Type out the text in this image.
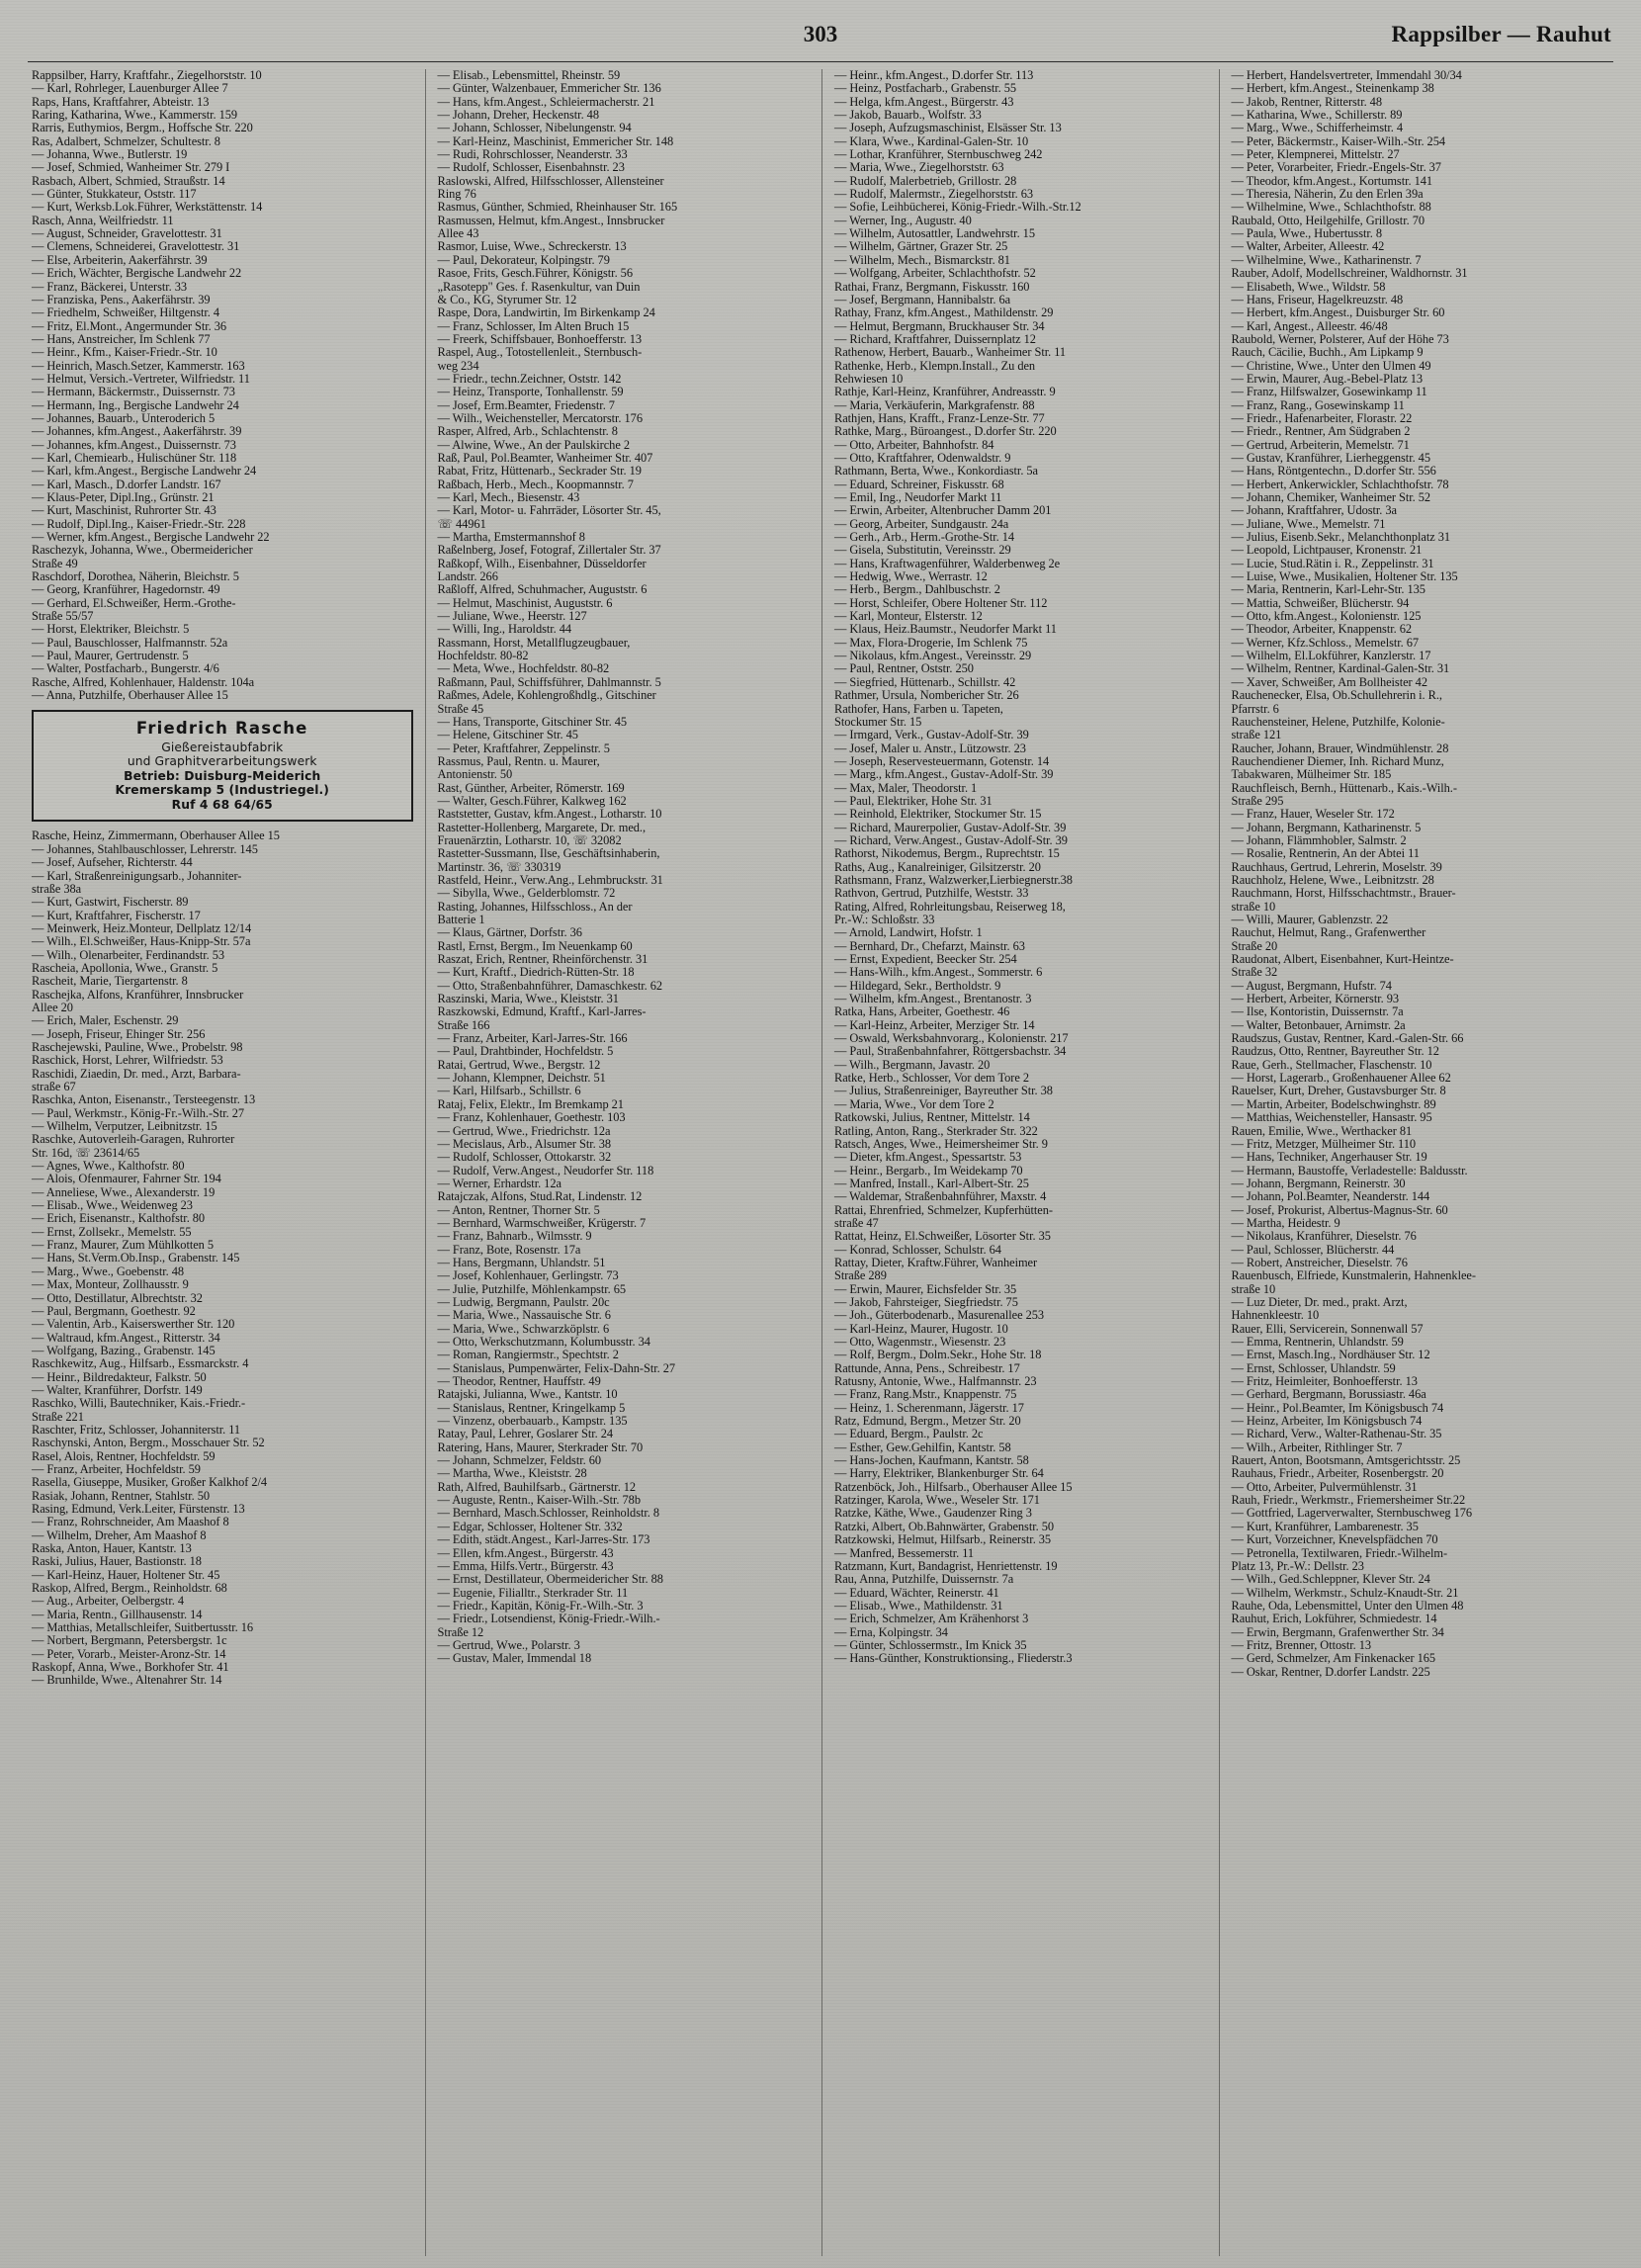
303	Rappsilber — Rauhut
Rappsilber, Harry, Kraftfahr., Ziegelhorststr. 10
— Karl, Rohrleger, Lauenburger Allee 7
Raps, Hans, Kraftfahrer, Abteistr. 13
Raring, Katharina, Wwe., Kammerstr. 159
Rarris, Euthymios, Bergm., Hoffsche Str. 220
Ras, Adalbert, Schmelzer, Schultestr. 8
— Johanna, Wwe., Butlerstr. 19
— Josef, Schmied, Wanheimer Str. 279 I
Rasbach, Albert, Schmied, Straußstr. 14
— Günter, Stukkateur, Oststr. 117
— Kurt, Werksb.Lok.Führer, Werkstättenstr. 14
Rasch, Anna, Weilfriedstr. 11
— August, Schneider, Gravelottestr. 31
— Clemens, Schneiderei, Gravelottestr. 31
— Else, Arbeiterin, Aakerfährstr. 39
— Erich, Wächter, Bergische Landwehr 22
— Franz, Bäckerei, Unterstr. 33
— Franziska, Pens., Aakerfährstr. 39
— Friedhelm, Schweißer, Hiltgenstr. 4
— Fritz, El.Mont., Angermunder Str. 36
— Hans, Anstreicher, Im Schlenk 77
— Heinr., Kfm., Kaiser-Friedr.-Str. 10
— Heinrich, Masch.Setzer, Kammerstr. 163
— Helmut, Versich.-Vertreter, Wilfriedstr. 11
— Hermann, Bäckermstr., Duissernstr. 73
— Hermann, Ing., Bergische Landwehr 24
— Johannes, Bauarb., Unteroderich 5
— Johannes, kfm.Angest., Aakerfährstr. 39
— Johannes, kfm.Angest., Duissernstr. 73
— Karl, Chemiearb., Hulischüner Str. 118
— Karl, kfm.Angest., Bergische Landwehr 24
— Karl, Masch., D.dorfer Landstr. 167
— Klaus-Peter, Dipl.Ing., Grünstr. 21
— Kurt, Maschinist, Ruhrorter Str. 43
— Rudolf, Dipl.Ing., Kaiser-Friedr.-Str. 228
— Werner, kfm.Angest., Bergische Landwehr 22
Raschezyk, Johanna, Wwe., Obermeidericher
Straße 49
Raschdorf, Dorothea, Näherin, Bleichstr. 5
— Georg, Kranführer, Hagedornstr. 49
— Gerhard, El.Schweißer, Herm.-Grothe-
Straße 55/57
— Horst, Elektriker, Bleichstr. 5
— Paul, Bauschlosser, Halfmannstr. 52a
— Paul, Maurer, Gertrudenstr. 5
— Walter, Postfacharb., Bungerstr. 4/6
Rasche, Alfred, Kohlenhauer, Haldenstr. 104a
— Anna, Putzhilfe, Oberhauser Allee 15
Friedrich Rasche
Gießereistaubfabrik
und Graphitverarbeitungswerk
Betrieb: Duisburg-Meiderich
Kremerskamp 5 (Industriegel.)
Ruf 4 68 64/65
Rasche, Heinz, Zimmermann, Oberhauser Allee 15
— Johannes, Stahlbauschlosser, Lehrerstr. 145
— Josef, Aufseher, Richterstr. 44
— Karl, Straßenreinigungsarb., Johanniter-
straße 38a
— Kurt, Gastwirt, Fischerstr. 89
— Kurt, Kraftfahrer, Fischerstr. 17
— Meinwerk, Heiz.Monteur, Dellplatz 12/14
— Wilh., El.Schweißer, Haus-Knipp-Str. 57a
— Wilh., Olenarbeiter, Ferdinandstr. 53
Rascheia, Apollonia, Wwe., Granstr. 5
Rascheit, Marie, Tiergartenstr. 8
Raschejka, Alfons, Kranführer, Innsbrucker
Allee 20
— Erich, Maler, Eschenstr. 29
— Joseph, Friseur, Ehinger Str. 256
Raschejewski, Pauline, Wwe., Probelstr. 98
Raschick, Horst, Lehrer, Wilfriedstr. 53
Raschidi, Ziaedin, Dr. med., Arzt, Barbara-
straße 67
Raschka, Anton, Eisenanstr., Tersteegenstr. 13
— Paul, Werkmstr., König-Fr.-Wilh.-Str. 27
— Wilhelm, Verputzer, Leibnitzstr. 15
Raschke, Autoverleih-Garagen, Ruhrorter
Str. 16d, ☏ 23614/65
— Agnes, Wwe., Kalthofstr. 80
— Alois, Ofenmaurer, Fahrner Str. 194
— Anneliese, Wwe., Alexanderstr. 19
— Elisab., Wwe., Weidenweg 23
— Erich, Eisenanstr., Kalthofstr. 80
— Ernst, Zollsekr., Memelstr. 55
— Franz, Maurer, Zum Mühlkotten 5
— Hans, St.Verm.Ob.Insp., Grabenstr. 145
— Marg., Wwe., Goebenstr. 48
— Max, Monteur, Zollhausstr. 9
— Otto, Destillatur, Albrechtstr. 32
— Paul, Bergmann, Goethestr. 92
— Valentin, Arb., Kaiserswerther Str. 120
— Waltraud, kfm.Angest., Ritterstr. 34
— Wolfgang, Bazing., Grabenstr. 145
Raschkewitz, Aug., Hilfsarb., Essmarckstr. 4
— Heinr., Bildredakteur, Falkstr. 50
— Walter, Kranführer, Dorfstr. 149
Raschko, Willi, Bautechniker, Kais.-Friedr.-
Straße 221
Raschter, Fritz, Schlosser, Johanniterstr. 11
Raschynski, Anton, Bergm., Mosschauer Str. 52
Rasel, Alois, Rentner, Hochfeldstr. 59
— Franz, Arbeiter, Hochfeldstr. 59
Rasella, Giuseppe, Musiker, Großer Kalkhof 2/4
Rasiak, Johann, Rentner, Stahlstr. 50
Rasing, Edmund, Verk.Leiter, Fürstenstr. 13
— Franz, Rohrschneider, Am Maashof 8
— Wilhelm, Dreher, Am Maashof 8
Raska, Anton, Hauer, Kantstr. 13
Raski, Julius, Hauer, Bastionstr. 18
— Karl-Heinz, Hauer, Holtener Str. 45
Raskop, Alfred, Bergm., Reinholdstr. 68
— Aug., Arbeiter, Oelbergstr. 4
— Maria, Rentn., Gillhausenstr. 14
— Matthias, Metallschleifer, Suitbertusstr. 16
— Norbert, Bergmann, Petersbergstr. 1c
— Peter, Vorarb., Meister-Aronz-Str. 14
Raskopf, Anna, Wwe., Borkhofer Str. 41
— Brunhilde, Wwe., Altenahrer Str. 14
— Elisab., Lebensmittel, Rheinstr. 59
— Günter, Walzenbauer, Emmericher Str. 136
— Hans, kfm.Angest., Schleiermacherstr. 21
— Johann, Dreher, Heckenstr. 48
— Johann, Schlosser, Nibelungenstr. 94
— Karl-Heinz, Maschinist, Emmericher Str. 148
— Rudi, Rohrschlosser, Neanderstr. 33
— Rudolf, Schlosser, Eisenbahnstr. 23
Raslowski, Alfred, Hilfsschlosser, Allensteiner
Ring 76
Rasmus, Günther, Schmied, Rheinhauser Str. 165
Rasmussen, Helmut, kfm.Angest., Innsbrucker
Allee 43
Rasmor, Luise, Wwe., Schreckerstr. 13
— Paul, Dekorateur, Kolpingstr. 79
Rasoe, Frits, Gesch.Führer, Königstr. 56
„Rasotepp" Ges. f. Rasenkultur, van Duin
& Co., KG, Styrumer Str. 12
Raspe, Dora, Landwirtin, Im Birkenkamp 24
— Franz, Schlosser, Im Alten Bruch 15
— Freerk, Schiffsbauer, Bonhoefferstr. 13
Raspel, Aug., Totostellenleit., Sternbusch-
weg 234
— Friedr., techn.Zeichner, Oststr. 142
— Heinz, Transporte, Tonhallenstr. 59
— Josef, Erm.Beamter, Friedenstr. 7
— Wilh., Weichensteller, Mercatorstr. 176
Rasper, Alfred, Arb., Schlachtenstr. 8
— Alwine, Wwe., An der Paulskirche 2
Raß, Paul, Pol.Beamter, Wanheimer Str. 407
Rabat, Fritz, Hüttenarb., Seckrader Str. 19
Raßbach, Herb., Mech., Koopmannstr. 7
— Karl, Mech., Biesenstr. 43
— Karl, Motor- u. Fahrräder, Lösorter Str. 45,
☏ 44961
— Martha, Emstermannshof 8
Raßelnberg, Josef, Fotograf, Zillertaler Str. 37
Raßkopf, Wilh., Eisenbahner, Düsseldorfer
Landstr. 266
Raßloff, Alfred, Schuhmacher, Auguststr. 6
— Helmut, Maschinist, Auguststr. 6
— Juliane, Wwe., Heerstr. 127
— Willi, Ing., Haroldstr. 44
Rassmann, Horst, Metallflugzeugbauer,
Hochfeldstr. 80-82
— Meta, Wwe., Hochfeldstr. 80-82
Raßmann, Paul, Schiffsführer, Dahlmannstr. 5
Raßmes, Adele, Kohlengroßhdlg., Gitschiner
Straße 45
— Hans, Transporte, Gitschiner Str. 45
— Helene, Gitschiner Str. 45
— Peter, Kraftfahrer, Zeppelinstr. 5
Rassmus, Paul, Rentn. u. Maurer,
Antonienstr. 50
Rast, Günther, Arbeiter, Römerstr. 169
— Walter, Gesch.Führer, Kalkweg 162
Raststetter, Gustav, kfm.Angest., Lotharstr. 10
Rastetter-Hollenberg, Margarete, Dr. med.,
Frauenärztin, Lotharstr. 10, ☏ 32082
Rastetter-Sussmann, Ilse, Geschäftsinhaberin,
Martinstr. 36, ☏ 330319
Rastfeld, Heinr., Verw.Ang., Lehmbruckstr. 31
— Sibylla, Wwe., Gelderblomstr. 72
Rasting, Johannes, Hilfsschloss., An der
Batterie 1
— Klaus, Gärtner, Dorfstr. 36
Rastl, Ernst, Bergm., Im Neuenkamp 60
Raszat, Erich, Rentner, Rheinförchenstr. 31
— Kurt, Kraftf., Diedrich-Rütten-Str. 18
— Otto, Straßenbahnführer, Damaschkestr. 62
Raszinski, Maria, Wwe., Kleiststr. 31
Raszkowski, Edmund, Kraftf., Karl-Jarres-
Straße 166
— Franz, Arbeiter, Karl-Jarres-Str. 166
— Paul, Drahtbinder, Hochfeldstr. 5
Ratai, Gertrud, Wwe., Bergstr. 12
— Johann, Klempner, Deichstr. 51
— Karl, Hilfsarb., Schillstr. 6
Rataj, Felix, Elektr., Im Bremkamp 21
— Franz, Kohlenhauer, Goethestr. 103
— Gertrud, Wwe., Friedrichstr. 12a
— Mecislaus, Arb., Alsumer Str. 38
— Rudolf, Schlosser, Ottokarstr. 32
— Rudolf, Verw.Angest., Neudorfer Str. 118
— Werner, Erhardstr. 12a
Ratajczak, Alfons, Stud.Rat, Lindenstr. 12
— Anton, Rentner, Thorner Str. 5
— Bernhard, Warmschweißer, Krügerstr. 7
— Franz, Bahnarb., Wilmsstr. 9
— Franz, Bote, Rosenstr. 17a
— Hans, Bergmann, Uhlandstr. 51
— Josef, Kohlenhauer, Gerlingstr. 73
— Julie, Putzhilfe, Möhlenkampstr. 65
— Ludwig, Bergmann, Paulstr. 20c
— Maria, Wwe., Nassauische Str. 6
— Maria, Wwe., Schwarzköplstr. 6
— Otto, Werkschutzmann, Kolumbusstr. 34
— Roman, Rangiermstr., Spechtstr. 2
— Stanislaus, Pumpenwärter, Felix-Dahn-Str. 27
— Theodor, Rentner, Hauffstr. 49
Ratajski, Julianna, Wwe., Kantstr. 10
— Stanislaus, Rentner, Kringelkamp 5
— Vinzenz, oberbauarb., Kampstr. 135
Ratay, Paul, Lehrer, Goslarer Str. 24
Ratering, Hans, Maurer, Sterkrader Str. 70
— Johann, Schmelzer, Feldstr. 60
— Martha, Wwe., Kleiststr. 28
Rath, Alfred, Bauhilfsarb., Gärtnerstr. 12
— Auguste, Rentn., Kaiser-Wilh.-Str. 78b
— Bernhard, Masch.Schlosser, Reinholdstr. 8
— Edgar, Schlosser, Holtener Str. 332
— Edith, städt.Angest., Karl-Jarres-Str. 173
— Ellen, kfm.Angest., Bürgerstr. 43
— Emma, Hilfs.Vertr., Bürgerstr. 43
— Ernst, Destillateur, Obermeidericher Str. 88
— Eugenie, Filialltr., Sterkrader Str. 11
— Friedr., Kapitän, König-Fr.-Wilh.-Str. 3
— Friedr., Lotsendienst, König-Friedr.-Wilh.-
Straße 12
— Gertrud, Wwe., Polarstr. 3
— Gustav, Maler, Immendal 18
— Heinr., kfm.Angest., D.dorfer Str. 113
— Heinz, Postfacharb., Grabenstr. 55
— Helga, kfm.Angest., Bürgerstr. 43
— Jakob, Bauarb., Wolfstr. 33
— Joseph, Aufzugsmaschinist, Elsässer Str. 13
— Klara, Wwe., Kardinal-Galen-Str. 10
— Lothar, Kranführer, Sternbuschweg 242
— Maria, Wwe., Ziegelhorststr. 63
— Rudolf, Malerbetrieb, Grillostr. 28
— Rudolf, Malermstr., Ziegelhorststr. 63
— Sofie, Leihbücherei, König-Friedr.-Wilh.-Str.12
— Werner, Ing., Augustr. 40
— Wilhelm, Autosattler, Landwehrstr. 15
— Wilhelm, Gärtner, Grazer Str. 25
— Wilhelm, Mech., Bismarckstr. 81
— Wolfgang, Arbeiter, Schlachthofstr. 52
Rathai, Franz, Bergmann, Fiskusstr. 160
— Josef, Bergmann, Hannibalstr. 6a
Rathay, Franz, kfm.Angest., Mathildenstr. 29
— Helmut, Bergmann, Bruckhauser Str. 34
— Richard, Kraftfahrer, Duissernplatz 12
Rathenow, Herbert, Bauarb., Wanheimer Str. 11
Rathenke, Herb., Klempn.Install., Zu den
Rehwiesen 10
Rathje, Karl-Heinz, Kranführer, Andreasstr. 9
— Maria, Verkäuferin, Markgrafenstr. 88
Rathjen, Hans, Krafft., Franz-Lenze-Str. 77
Rathke, Marg., Büroangest., D.dorfer Str. 220
— Otto, Arbeiter, Bahnhofstr. 84
— Otto, Kraftfahrer, Odenwaldstr. 9
Rathmann, Berta, Wwe., Konkordiastr. 5a
— Eduard, Schreiner, Fiskusstr. 68
— Emil, Ing., Neudorfer Markt 11
— Erwin, Arbeiter, Altenbrucher Damm 201
— Georg, Arbeiter, Sundgaustr. 24a
— Gerh., Arb., Herm.-Grothe-Str. 14
— Gisela, Substitutin, Vereinsstr. 29
— Hans, Kraftwagenführer, Walderbenweg 2e
— Hedwig, Wwe., Werrastr. 12
— Herb., Bergm., Dahlbuschstr. 2
— Horst, Schleifer, Obere Holtener Str. 112
— Karl, Monteur, Elsterstr. 12
— Klaus, Heiz.Baumstr., Neudorfer Markt 11
— Max, Flora-Drogerie, Im Schlenk 75
— Nikolaus, kfm.Angest., Vereinsstr. 29
— Paul, Rentner, Oststr. 250
— Siegfried, Hüttenarb., Schillstr. 42
Rathmer, Ursula, Nombericher Str. 26
Rathofer, Hans, Farben u. Tapeten,
Stockumer Str. 15
— Irmgard, Verk., Gustav-Adolf-Str. 39
— Josef, Maler u. Anstr., Lützowstr. 23
— Joseph, Reservesteuermann, Gotenstr. 14
— Marg., kfm.Angest., Gustav-Adolf-Str. 39
— Max, Maler, Theodorstr. 1
— Paul, Elektriker, Hohe Str. 31
— Reinhold, Elektriker, Stockumer Str. 15
— Richard, Maurerpolier, Gustav-Adolf-Str. 39
— Richard, Verw.Angest., Gustav-Adolf-Str. 39
Rathorst, Nikodemus, Bergm., Ruprechtstr. 15
Raths, Aug., Kanalreiniger, Gilsitzerstr. 20
Rathsmann, Franz, Walzwerker,Lierbiegnerstr.38
Rathvon, Gertrud, Putzhilfe, Weststr. 33
Rating, Alfred, Rohrleitungsbau, Reiserweg 18,
Pr.-W.: Schloßstr. 33
— Arnold, Landwirt, Hofstr. 1
— Bernhard, Dr., Chefarzt, Mainstr. 63
— Ernst, Expedient, Beecker Str. 254
— Hans-Wilh., kfm.Angest., Sommerstr. 6
— Hildegard, Sekr., Bertholdstr. 9
— Wilhelm, kfm.Angest., Brentanostr. 3
Ratka, Hans, Arbeiter, Goethestr. 46
— Karl-Heinz, Arbeiter, Merziger Str. 14
— Oswald, Werksbahnvorarg., Kolonienstr. 217
— Paul, Straßenbahnfahrer, Röttgersbachstr. 34
— Wilh., Bergmann, Javastr. 20
Ratke, Herb., Schlosser, Vor dem Tore 2
— Julius, Straßenreiniger, Bayreuther Str. 38
— Maria, Wwe., Vor dem Tore 2
Ratkowski, Julius, Rentner, Mittelstr. 14
Ratling, Anton, Rang., Sterkrader Str. 322
Ratsch, Anges, Wwe., Heimersheimer Str. 9
— Dieter, kfm.Angest., Spessartstr. 53
— Heinr., Bergarb., Im Weidekamp 70
— Manfred, Install., Karl-Albert-Str. 25
— Waldemar, Straßenbahnführer, Maxstr. 4
Rattai, Ehrenfried, Schmelzer, Kupferhütten-
straße 47
Rattat, Heinz, El.Schweißer, Lösorter Str. 35
— Konrad, Schlosser, Schulstr. 64
Rattay, Dieter, Kraftw.Führer, Wanheimer
Straße 289
— Erwin, Maurer, Eichsfelder Str. 35
— Jakob, Fahrsteiger, Siegfriedstr. 75
— Joh., Güterbodenarb., Masurenallee 253
— Karl-Heinz, Maurer, Hugostr. 10
— Otto, Wagenmstr., Wiesenstr. 23
— Rolf, Bergm., Dolm.Sekr., Hohe Str. 18
Rattunde, Anna, Pens., Schreibestr. 17
Ratusny, Antonie, Wwe., Halfmannstr. 23
— Franz, Rang.Mstr., Knappenstr. 75
— Heinz, 1. Scherenmann, Jägerstr. 17
Ratz, Edmund, Bergm., Metzer Str. 20
— Eduard, Bergm., Paulstr. 2c
— Esther, Gew.Gehilfin, Kantstr. 58
— Hans-Jochen, Kaufmann, Kantstr. 58
— Harry, Elektriker, Blankenburger Str. 64
Ratzenböck, Joh., Hilfsarb., Oberhauser Allee 15
Ratzinger, Karola, Wwe., Weseler Str. 171
Ratzke, Käthe, Wwe., Gaudenzer Ring 3
Ratzki, Albert, Ob.Bahnwärter, Grabenstr. 50
Ratzkowski, Helmut, Hilfsarb., Reinerstr. 35
— Manfred, Bessemerstr. 11
Ratzmann, Kurt, Bandagrist, Henriettenstr. 19
Rau, Anna, Putzhilfe, Duissernstr. 7a
— Eduard, Wächter, Reinerstr. 41
— Elisab., Wwe., Mathildenstr. 31
— Erich, Schmelzer, Am Krähenhorst 3
— Erna, Kolpingstr. 34
— Günter, Schlossermstr., Im Knick 35
— Hans-Günther, Konstruktionsing., Fliederstr.3
— Herbert, Handelsvertreter, Immendahl 30/34
— Herbert, kfm.Angest., Steinenkamp 38
— Jakob, Rentner, Ritterstr. 48
— Katharina, Wwe., Schillerstr. 89
— Marg., Wwe., Schifferheimstr. 4
— Peter, Bäckermstr., Kaiser-Wilh.-Str. 254
— Peter, Klempnerei, Mittelstr. 27
— Peter, Vorarbeiter, Friedr.-Engels-Str. 37
— Theodor, kfm.Angest., Kortumstr. 141
— Theresia, Näherin, Zu den Erlen 39a
— Wilhelmine, Wwe., Schlachthofstr. 88
Raubald, Otto, Heilgehilfe, Grillostr. 70
— Paula, Wwe., Hubertusstr. 8
— Walter, Arbeiter, Alleestr. 42
— Wilhelmine, Wwe., Katharinenstr. 7
Rauber, Adolf, Modellschreiner, Waldhornstr. 31
— Elisabeth, Wwe., Wildstr. 58
— Hans, Friseur, Hagelkreuzstr. 48
— Herbert, kfm.Angest., Duisburger Str. 60
— Karl, Angest., Alleestr. 46/48
Raubold, Werner, Polsterer, Auf der Höhe 73
Rauch, Cäcilie, Buchh., Am Lipkamp 9
— Christine, Wwe., Unter den Ulmen 49
— Erwin, Maurer, Aug.-Bebel-Platz 13
— Franz, Hilfswalzer, Gosewinkamp 11
— Franz, Rang., Gosewinskamp 11
— Friedr., Hafenarbeiter, Florastr. 22
— Friedr., Rentner, Am Südgraben 2
— Gertrud, Arbeiterin, Memelstr. 71
— Gustav, Kranführer, Lierheggenstr. 45
— Hans, Röntgentechn., D.dorfer Str. 556
— Herbert, Ankerwickler, Schlachthofstr. 78
— Johann, Chemiker, Wanheimer Str. 52
— Johann, Kraftfahrer, Udostr. 3a
— Juliane, Wwe., Memelstr. 71
— Julius, Eisenb.Sekr., Melanchthonplatz 31
— Leopold, Lichtpauser, Kronenstr. 21
— Lucie, Stud.Rätin i. R., Zeppelinstr. 31
— Luise, Wwe., Musikalien, Holtener Str. 135
— Maria, Rentnerin, Karl-Lehr-Str. 135
— Mattia, Schweißer, Blücherstr. 94
— Otto, kfm.Angest., Kolonienstr. 125
— Theodor, Arbeiter, Knappenstr. 62
— Werner, Kfz.Schloss., Memelstr. 67
— Wilhelm, El.Lokführer, Kanzlerstr. 17
— Wilhelm, Rentner, Kardinal-Galen-Str. 31
— Xaver, Schweißer, Am Bollheister 42
Rauchenecker, Elsa, Ob.Schullehrerin i. R.,
Pfarrstr. 6
Rauchensteiner, Helene, Putzhilfe, Kolonie-
straße 121
Raucher, Johann, Brauer, Windmühlenstr. 28
Rauchendiener Diemer, Inh. Richard Munz,
Tabakwaren, Mülheimer Str. 185
Rauchfleisch, Bernh., Hüttenarb., Kais.-Wilh.-
Straße 295
— Franz, Hauer, Weseler Str. 172
— Johann, Bergmann, Katharinenstr. 5
— Johann, Flämmhobler, Salmstr. 2
— Rosalie, Rentnerin, An der Abtei 11
Rauchhaus, Gertrud, Lehrerin, Moselstr. 39
Rauchholz, Helene, Wwe., Leibnitzstr. 28
Rauchmann, Horst, Hilfsschachtmstr., Brauer-
straße 10
— Willi, Maurer, Gablenzstr. 22
Rauchut, Helmut, Rang., Grafenwerther
Straße 20
Raudonat, Albert, Eisenbahner, Kurt-Heintze-
Straße 32
— August, Bergmann, Hufstr. 74
— Herbert, Arbeiter, Körnerstr. 93
— Ilse, Kontoristin, Duissernstr. 7a
— Walter, Betonbauer, Arnimstr. 2a
Raudszus, Gustav, Rentner, Kard.-Galen-Str. 66
Raudzus, Otto, Rentner, Bayreuther Str. 12
Raue, Gerh., Stellmacher, Flaschenstr. 10
— Horst, Lagerarb., Großenhauener Allee 62
Rauelser, Kurt, Dreher, Gustavsburger Str. 8
— Martin, Arbeiter, Bodelschwinghstr. 89
— Matthias, Weichensteller, Hansastr. 95
Rauen, Emilie, Wwe., Werthacker 81
— Fritz, Metzger, Mülheimer Str. 110
— Hans, Techniker, Angerhauser Str. 19
— Hermann, Baustoffe, Verladestelle: Baldusstr.
— Johann, Bergmann, Reinerstr. 30
— Johann, Pol.Beamter, Neanderstr. 144
— Josef, Prokurist, Albertus-Magnus-Str. 60
— Martha, Heidestr. 9
— Nikolaus, Kranführer, Dieselstr. 76
— Paul, Schlosser, Blücherstr. 44
— Robert, Anstreicher, Dieselstr. 76
Rauenbusch, Elfriede, Kunstmalerin, Hahnenklee-
straße 10
— Luz Dieter, Dr. med., prakt. Arzt,
Hahnenkleestr. 10
Rauer, Elli, Servicerein, Sonnenwall 57
— Emma, Rentnerin, Uhlandstr. 59
— Ernst, Masch.Ing., Nordhäuser Str. 12
— Ernst, Schlosser, Uhlandstr. 59
— Fritz, Heimleiter, Bonhoefferstr. 13
— Gerhard, Bergmann, Borussiastr. 46a
— Heinr., Pol.Beamter, Im Königsbusch 74
— Heinz, Arbeiter, Im Königsbusch 74
— Richard, Verw., Walter-Rathenau-Str. 35
— Wilh., Arbeiter, Rithlinger Str. 7
Rauert, Anton, Bootsmann, Amtsgerichtsstr. 25
Rauhaus, Friedr., Arbeiter, Rosenbergstr. 20
— Otto, Arbeiter, Pulvermühlenstr. 31
Rauh, Friedr., Werkmstr., Friemersheimer Str.22
— Gottfried, Lagerverwalter, Sternbuschweg 176
— Kurt, Kranführer, Lambarenestr. 35
— Kurt, Vorzeichner, Knevelspfädchen 70
— Petronella, Textilwaren, Friedr.-Wilhelm-
Platz 13, Pr.-W.: Dellstr. 23
— Wilh., Ged.Schleppner, Klever Str. 24
— Wilhelm, Werkmstr., Schulz-Knaudt-Str. 21
Rauhe, Oda, Lebensmittel, Unter den Ulmen 48
Rauhut, Erich, Lokführer, Schmiedestr. 14
— Erwin, Bergmann, Grafenwerther Str. 34
— Fritz, Brenner, Ottostr. 13
— Gerd, Schmelzer, Am Finkenacker 165
— Oskar, Rentner, D.dorfer Landstr. 225
